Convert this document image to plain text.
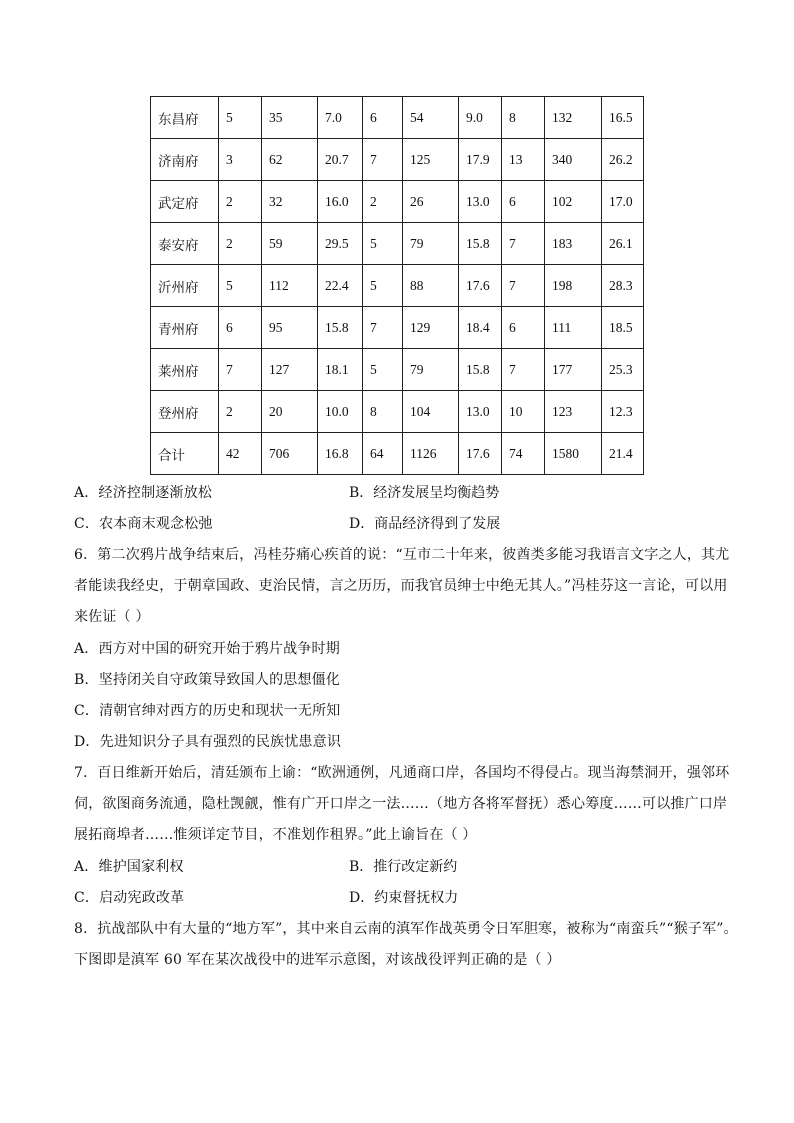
东昌府	5	35	7.0	6	54	9.0	8	132	16.5
济南府	3	62	20.7	7	125	17.9	13	340	26.2
武定府	2	32	16.0	2	26	13.0	6	102	17.0
泰安府	2	59	29.5	5	79	15.8	7	183	26.1
沂州府	5	112	22.4	5	88	17.6	7	198	28.3
青州府	6	95	15.8	7	129	18.4	6	111	18.5
莱州府	7	127	18.1	5	79	15.8	7	177	25.3
登州府	2	20	10.0	8	104	13.0	10	123	12.3
合计	42	706	16.8	64	1126	17.6	74	1580	21.4
A．经济控制逐渐放松	B．经济发展呈均衡趋势
C．农本商末观念松弛	D．商品经济得到了发展
6．第二次鸦片战争结束后，冯桂芬痛心疾首的说：“互市二十年来，彼酋类多能习我语言文字之人，其尤
者能读我经史，于朝章国政、吏治民情，言之历历，而我官员绅士中绝无其人。”冯桂芬这一言论，可以用
来佐证（ ）
A．西方对中国的研究开始于鸦片战争时期
B．坚持闭关自守政策导致国人的思想僵化
C．清朝官绅对西方的历史和现状一无所知
D．先进知识分子具有强烈的民族忧患意识
7．百日维新开始后，清廷颁布上谕：“欧洲通例，凡通商口岸，各国均不得侵占。现当海禁洞开，强邻环
伺，欲图商务流通，隐杜觊觎，惟有广开口岸之一法……（地方各将军督抚）悉心筹度……可以推广口岸
展拓商埠者……惟须详定节目，不准划作租界。”此上谕旨在（ ）
A．维护国家利权	B．推行改定新约
C．启动宪政改革	D．约束督抚权力
8．抗战部队中有大量的“地方军”，其中来自云南的滇军作战英勇令日军胆寒，被称为“南蛮兵”“猴子军”。
下图即是滇军 60 军在某次战役中的进军示意图，对该战役评判正确的是（ ）
